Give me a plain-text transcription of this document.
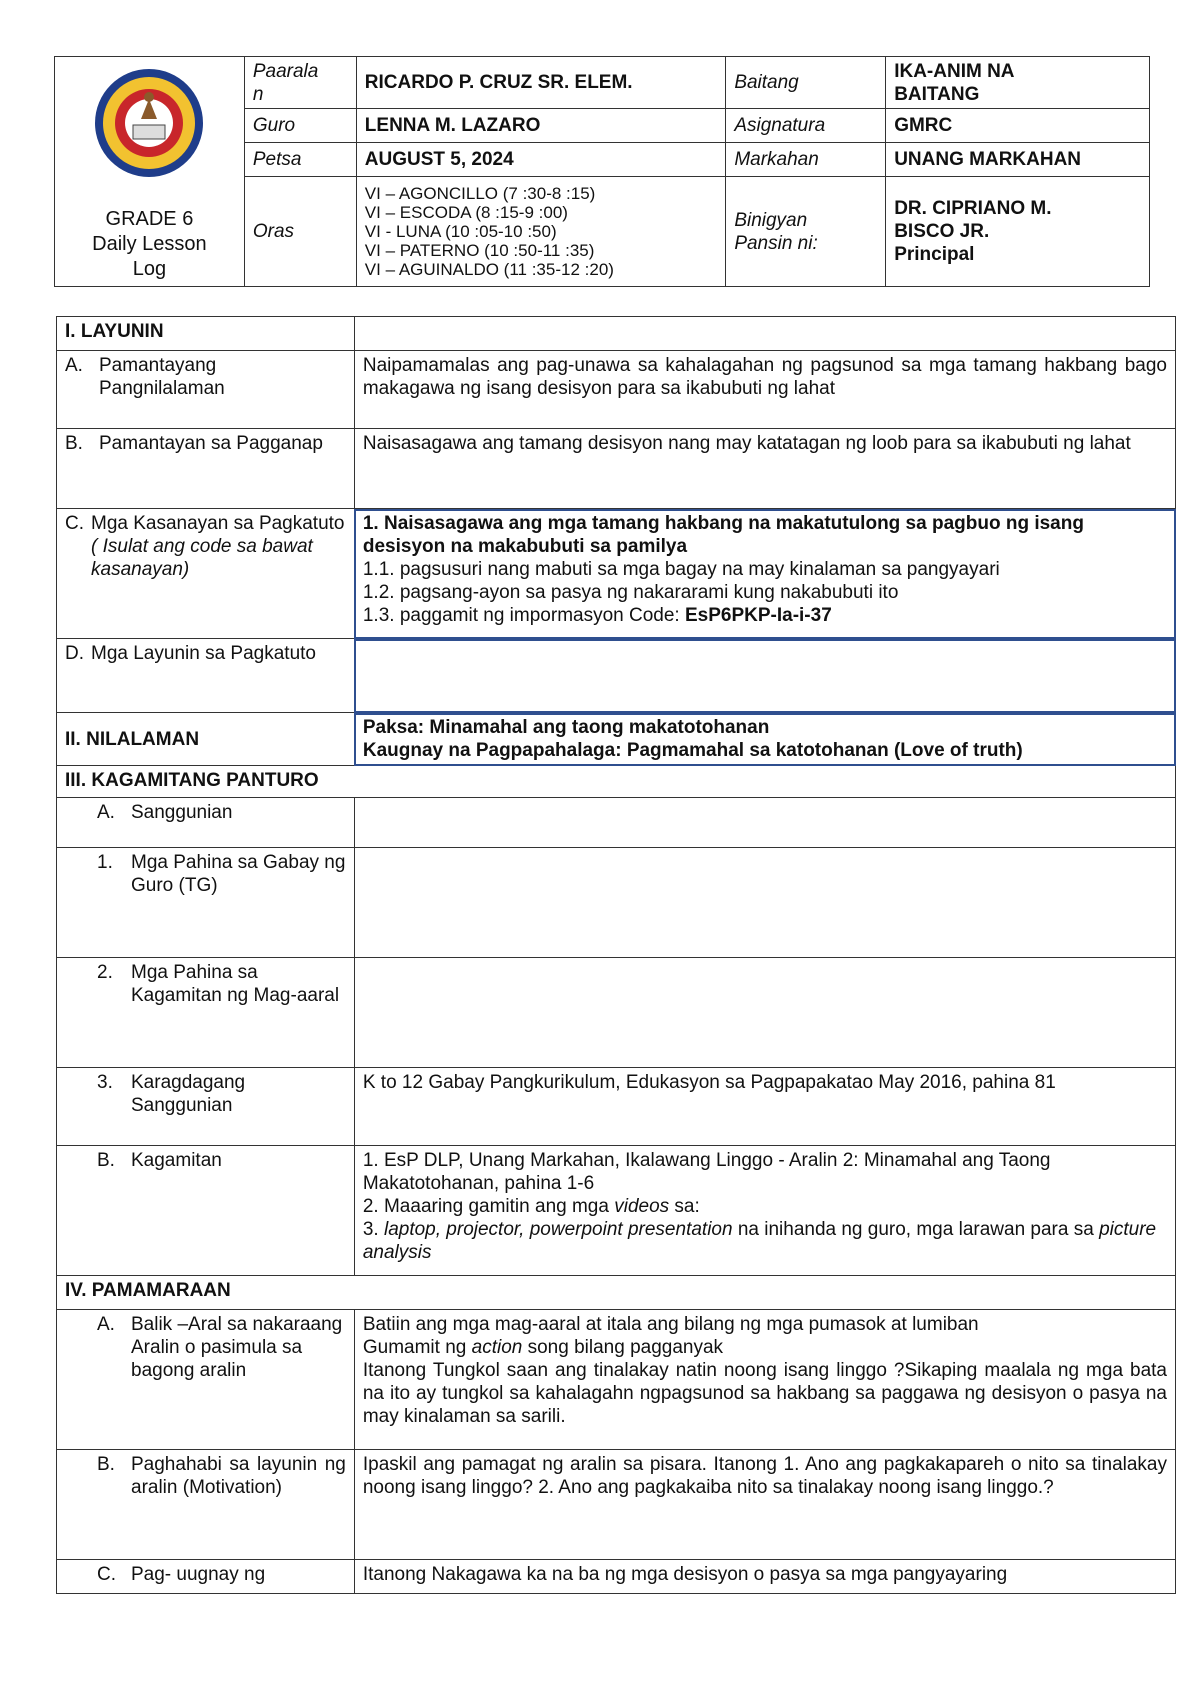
GRADE 6
Daily Lesson
Log	Paarala
n	RICARDO P. CRUZ SR. ELEM.	Baitang	IKA-ANIM NA
BAITANG

	Guro	LENNA M. LAZARO	Asignatura	GMRC
	Petsa	AUGUST 5, 2024	Markahan	UNANG MARKAHAN
	Oras	VI – AGONCILLO (7 :30-8 :15)
VI – ESCODA (8 :15-9 :00)
VI - LUNA (10 :05-10 :50)
VI – PATERNO (10 :50-11 :35)
VI – AGUINALDO (11 :35-12 :20)	Binigyan
Pansin ni:	DR. CIPRIANO M.
BISCO JR.
Principal
I. LAYUNIN	

A. Pamantayang Pangnilalaman	Naipamamalas ang pag-unawa sa kahalagahan ng pagsunod sa mga tamang hakbang bago makagawa ng isang desisyon para sa ikabubuti ng lahat

B. Pamantayan sa Pagganap	Naisasagawa ang tamang desisyon nang may katatagan ng loob para sa ikabubuti ng lahat

C. Mga Kasanayan sa Pagkatuto ( Isulat ang code sa bawat kasanayan)	1. Naisasagawa ang mga tamang hakbang na makatutulong sa pagbuo ng isang desisyon na makabubuti sa pamilya
1.1. pagsusuri nang mabuti sa mga bagay na may kinalaman sa pangyayari
1.2. pagsang-ayon sa pasya ng nakararami kung nakabubuti ito
1.3. paggamit ng impormasyon Code: EsP6PKP-Ia-i-37

D. Mga Layunin sa Pagkatuto	

II. NILALAMAN	Paksa: Minamahal ang taong makatotohanan
Kaugnay na Pagpapahalaga: Pagmamahal sa katotohanan (Love of truth)

III. KAGAMITANG PANTURO	

A. Sanggunian	

1. Mga Pahina sa Gabay ng Guro (TG)	

2. Mga Pahina sa Kagamitan ng Mag-aaral	

3. Karagdagang Sanggunian	K to 12 Gabay Pangkurikulum, Edukasyon sa Pagpapakatao May 2016, pahina 81

B. Kagamitan	1. EsP DLP, Unang Markahan, Ikalawang Linggo - Aralin 2: Minamahal ang Taong Makatotohanan, pahina 1-6
2. Maaaring gamitin ang mga videos sa:
3. laptop, projector, powerpoint presentation na inihanda ng guro, mga larawan para sa picture analysis

IV. PAMAMARAAN	

A. Balik –Aral sa nakaraang Aralin o pasimula sa bagong aralin	Batiin ang mga mag-aaral at itala ang bilang ng mga pumasok at lumiban
Gumamit ng action song bilang pagganyak
Itanong Tungkol saan ang tinalakay natin noong isang linggo ?Sikaping maalala ng mga bata na ito ay tungkol sa kahalagahn ngpagsunod sa hakbang sa paggawa ng desisyon o pasya na may kinalaman sa sarili.

B. Paghahabi sa layunin ng aralin (Motivation)	Ipaskil ang pamagat ng aralin sa pisara. Itanong 1. Ano ang pagkakapareh o nito sa tinalakay noong isang linggo? 2. Ano ang pagkakaiba nito sa tinalakay noong isang linggo.?

C. Pag- uugnay ng	Itanong Nakagawa ka na ba ng mga desisyon o pasya sa mga pangyayaring
